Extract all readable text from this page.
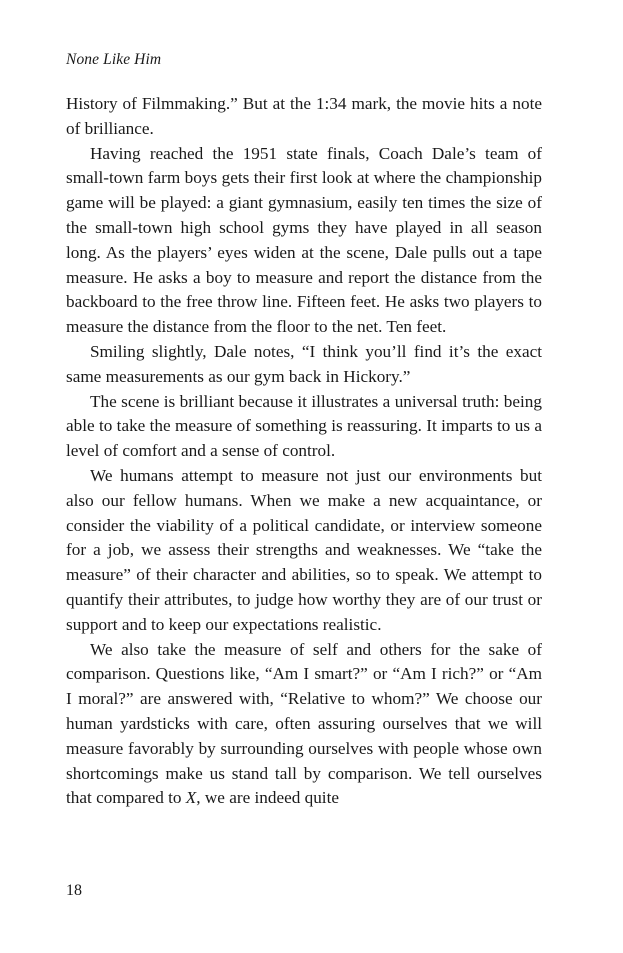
None Like Him

History of Filmmaking.” But at the 1:34 mark, the movie hits a note of brilliance.

Having reached the 1951 state finals, Coach Dale’s team of small-town farm boys gets their first look at where the championship game will be played: a giant gymnasium, easily ten times the size of the small-town high school gyms they have played in all season long. As the players’ eyes widen at the scene, Dale pulls out a tape measure. He asks a boy to measure and report the distance from the backboard to the free throw line. Fifteen feet. He asks two players to measure the distance from the floor to the net. Ten feet.

Smiling slightly, Dale notes, “I think you’ll find it’s the exact same measurements as our gym back in Hickory.”

The scene is brilliant because it illustrates a universal truth: being able to take the measure of something is reassuring. It imparts to us a level of comfort and a sense of control.

We humans attempt to measure not just our environments but also our fellow humans. When we make a new acquaintance, or consider the viability of a political candidate, or interview someone for a job, we assess their strengths and weaknesses. We “take the measure” of their character and abilities, so to speak. We attempt to quantify their attributes, to judge how worthy they are of our trust or support and to keep our expectations realistic.

We also take the measure of self and others for the sake of comparison. Questions like, “Am I smart?” or “Am I rich?” or “Am I moral?” are answered with, “Relative to whom?” We choose our human yardsticks with care, often assuring ourselves that we will measure favorably by surrounding ourselves with people whose own shortcomings make us stand tall by comparison. We tell ourselves that compared to X, we are indeed quite

18
